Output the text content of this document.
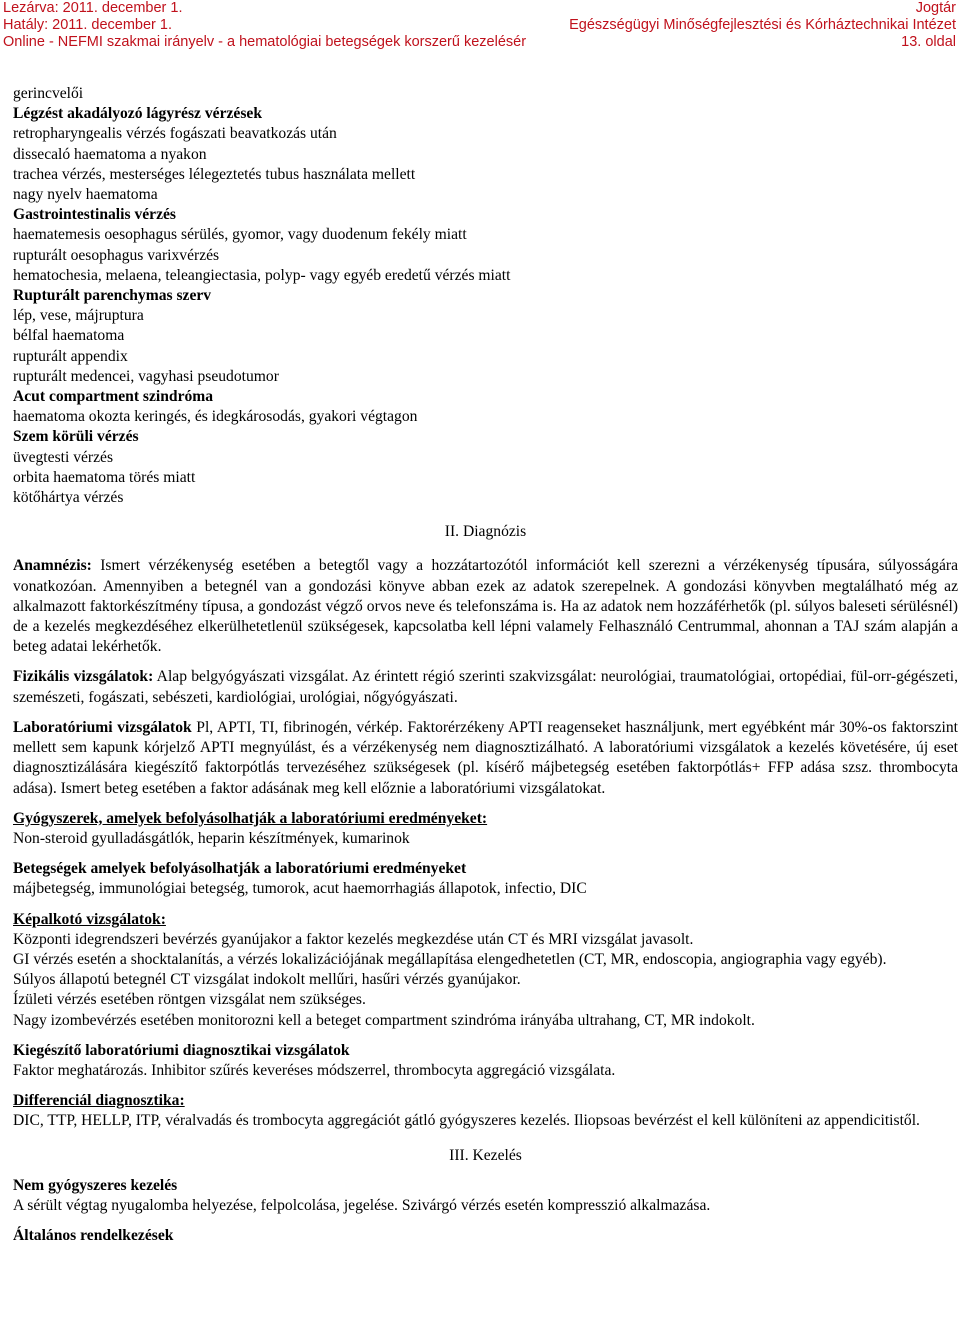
Lezárva: 2011. december 1.	Jogtár
Hatály: 2011. december 1.	Egészségügyi Minőségfejlesztési és Kórháztechnikai Intézet
Online - NEFMI szakmai irányelv - a hematológiai betegségek korszerű kezelésér	13. oldal
gerincvelői
Légzést akadályozó lágyrész vérzések
retropharyngealis vérzés fogászati beavatkozás után
dissecaló haematoma a nyakon
trachea vérzés, mesterséges lélegeztetés tubus használata mellett
nagy nyelv haematoma
Gastrointestinalis vérzés
haematemesis oesophagus sérülés, gyomor, vagy duodenum fekély miatt
rupturált oesophagus varixvérzés
hematochesia, melaena, teleangiectasia, polyp- vagy egyéb eredetű vérzés miatt
Rupturált parenchymas szerv
lép, vese, májruptura
bélfal haematoma
rupturált appendix
rupturált medencei, vagyhasi pseudotumor
Acut compartment szindróma
haematoma okozta keringés, és idegkárosodás, gyakori végtagon
Szem körüli vérzés
üvegtesti vérzés
orbita haematoma törés miatt
kötőhártya vérzés
II. Diagnózis

Anamnézis: Ismert vérzékenység esetében a betegtől vagy a hozzátartozótól információt kell szerezni a vérzékenység típusára, súlyosságára vonatkozóan. Amennyiben a betegnél van a gondozási könyve abban ezek az adatok szerepelnek. A gondozási könyvben megtalálható még az alkalmazott faktorkészítmény típusa, a gondozást végző orvos neve és telefonszáma is. Ha az adatok nem hozzáférhetők (pl. súlyos baleseti sérülésnél) de a kezelés megkezdéséhez elkerülhetetlenül szükségesek, kapcsolatba kell lépni valamely Felhasználó Centrummal, ahonnan a TAJ szám alapján a beteg adatai lekérhetők.

Fizikális vizsgálatok: Alap belgyógyászati vizsgálat. Az érintett régió szerinti szakvizsgálat: neurológiai, traumatológiai, ortopédiai, fül-orr-gégészeti, szemészeti, fogászati, sebészeti, kardiológiai, urológiai, nőgyógyászati.

Laboratóriumi vizsgálatok Pl, APTI, TI, fibrinogén, vérkép. Faktorérzékeny APTI reagenseket használjunk, mert egyébként már 30%-os faktorszint mellett sem kapunk kórjelző APTI megnyúlást, és a vérzékenység nem diagnosztizálható. A laboratóriumi vizsgálatok a kezelés követésére, új eset diagnosztizálására kiegészítő faktorpótlás tervezéséhez szükségesek (pl. kísérő májbetegség esetében faktorpótlás+ FFP adása szsz. thrombocyta adása). Ismert beteg esetében a faktor adásának meg kell előznie a laboratóriumi vizsgálatokat.

Gyógyszerek, amelyek befolyásolhatják a laboratóriumi eredményeket:
Non-steroid gyulladásgátlók, heparin készítmények, kumarinok
Betegségek amelyek befolyásolhatják a laboratóriumi eredményeket
májbetegség, immunológiai betegség, tumorok, acut haemorrhagiás állapotok, infectio, DIC
Képalkotó vizsgálatok:
Központi idegrendszeri bevérzés gyanújakor a faktor kezelés megkezdése után CT és MRI vizsgálat javasolt.
GI vérzés esetén a shocktalanítás, a vérzés lokalizációjának megállapítása elengedhetetlen (CT, MR, endoscopia, angiographia vagy egyéb).
Súlyos állapotú betegnél CT vizsgálat indokolt mellűri, hasűri vérzés gyanújakor.
Ízületi vérzés esetében röntgen vizsgálat nem szükséges.
Nagy izombevérzés esetében monitorozni kell a beteget compartment szindróma irányába ultrahang, CT, MR indokolt.
Kiegészítő laboratóriumi diagnosztikai vizsgálatok
Faktor meghatározás. Inhibitor szűrés keveréses módszerrel, thrombocyta aggregáció vizsgálata.
Differenciál diagnosztika:
DIC, TTP, HELLP, ITP, véralvadás és trombocyta aggregációt gátló gyógyszeres kezelés. Iliopsoas bevérzést el kell különíteni az appendicitistől.
III. Kezelés
Nem gyógyszeres kezelés
A sérült végtag nyugalomba helyezése, felpolcolása, jegelése. Szivárgó vérzés esetén kompresszió alkalmazása.
Általános rendelkezések
